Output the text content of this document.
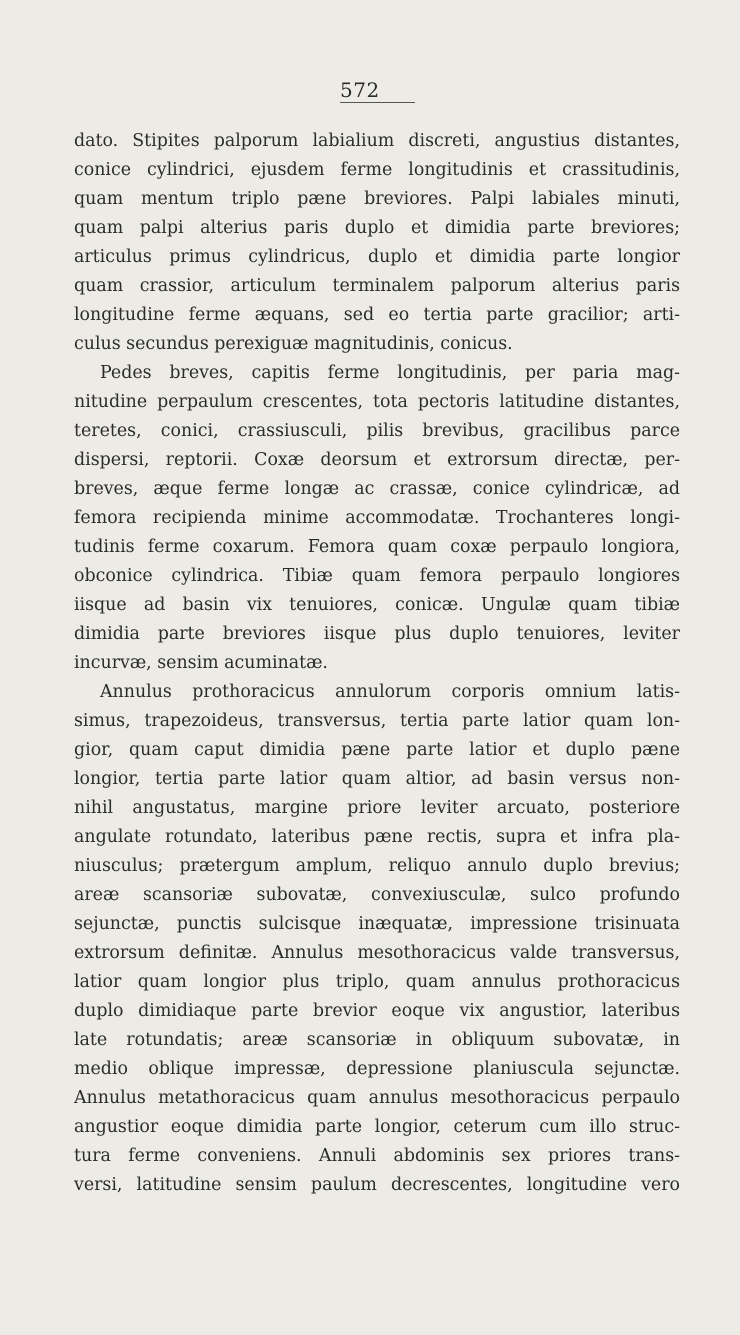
572
dato. Stipites palporum labialium discreti, angustius distantes,
conice cylindrici, ejusdem ferme longitudinis et crassitudinis,
quam mentum triplo pæne breviores. Palpi labiales minuti,
quam palpi alterius paris duplo et dimidia parte breviores;
articulus primus cylindricus, duplo et dimidia parte longior
quam crassior, articulum terminalem palporum alterius paris
longitudine ferme æquans, sed eo tertia parte gracilior; arti-
culus secundus perexiguæ magnitudinis, conicus.
Pedes breves, capitis ferme longitudinis, per paria mag-
nitudine perpaulum crescentes, tota pectoris latitudine distantes,
teretes, conici, crassiusculi, pilis brevibus, gracilibus parce
dispersi, reptorii. Coxæ deorsum et extrorsum directæ, per-
breves, æque ferme longæ ac crassæ, conice cylindricæ, ad
femora recipienda minime accommodatæ. Trochanteres longi-
tudinis ferme coxarum. Femora quam coxæ perpaulo longiora,
obconice cylindrica. Tibiæ quam femora perpaulo longiores
iisque ad basin vix tenuiores, conicæ. Ungulæ quam tibiæ
dimidia parte breviores iisque plus duplo tenuiores, leviter
incurvæ, sensim acuminatæ.
Annulus prothoracicus annulorum corporis omnium latis-
simus, trapezoideus, transversus, tertia parte latior quam lon-
gior, quam caput dimidia pæne parte latior et duplo pæne
longior, tertia parte latior quam altior, ad basin versus non-
nihil angustatus, margine priore leviter arcuato, posteriore
angulate rotundato, lateribus pæne rectis, supra et infra pla-
niusculus; prætergum amplum, reliquo annulo duplo brevius;
areæ scansoriæ subovatæ, convexiusculæ, sulco profundo
sejunctæ, punctis sulcisque inæquatæ, impressione trisinuata
extrorsum definitæ. Annulus mesothoracicus valde transversus,
latior quam longior plus triplo, quam annulus prothoracicus
duplo dimidiaque parte brevior eoque vix angustior, lateribus
late rotundatis; areæ scansoriæ in obliquum subovatæ, in
medio oblique impressæ, depressione planiuscula sejunctæ.
Annulus metathoracicus quam annulus mesothoracicus perpaulo
angustior eoque dimidia parte longior, ceterum cum illo struc-
tura ferme conveniens. Annuli abdominis sex priores trans-
versi, latitudine sensim paulum decrescentes, longitudine vero
